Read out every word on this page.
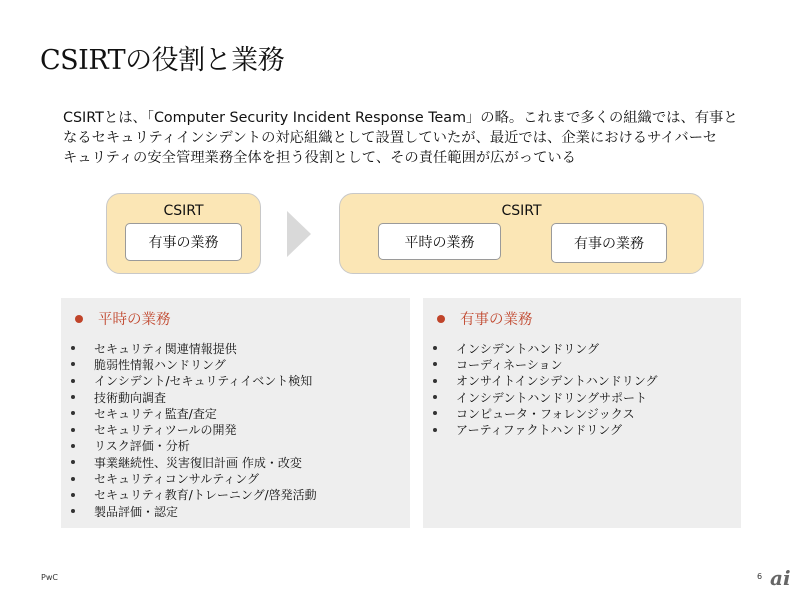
CSIRTの役割と業務
CSIRTとは、「Computer Security Incident Response Team」の略。これまで多くの組織では、有事と
なるセキュリティインシデントの対応組織として設置していたが、最近では、企業におけるサイバーセ
キュリティの安全管理業務全体を担う役割として、その責任範囲が広がっている
CSIRT
有事の業務
CSIRT
平時の業務	有事の業務
平時の業務
セキュリティ関連情報提供
脆弱性情報ハンドリング
インシデント/セキュリティイベント検知
技術動向調査
セキュリティ監査/査定
セキュリティツールの開発
リスク評価・分析
事業継続性、災害復旧計画 作成・改変
セキュリティコンサルティング
セキュリティ教育/トレーニング/啓発活動
製品評価・認定
有事の業務
インシデントハンドリング
コーディネーション
オンサイトインシデントハンドリング
インシデントハンドリングサポート
コンピュータ・フォレンジックス
アーティファクトハンドリング
PwC	6 ai
